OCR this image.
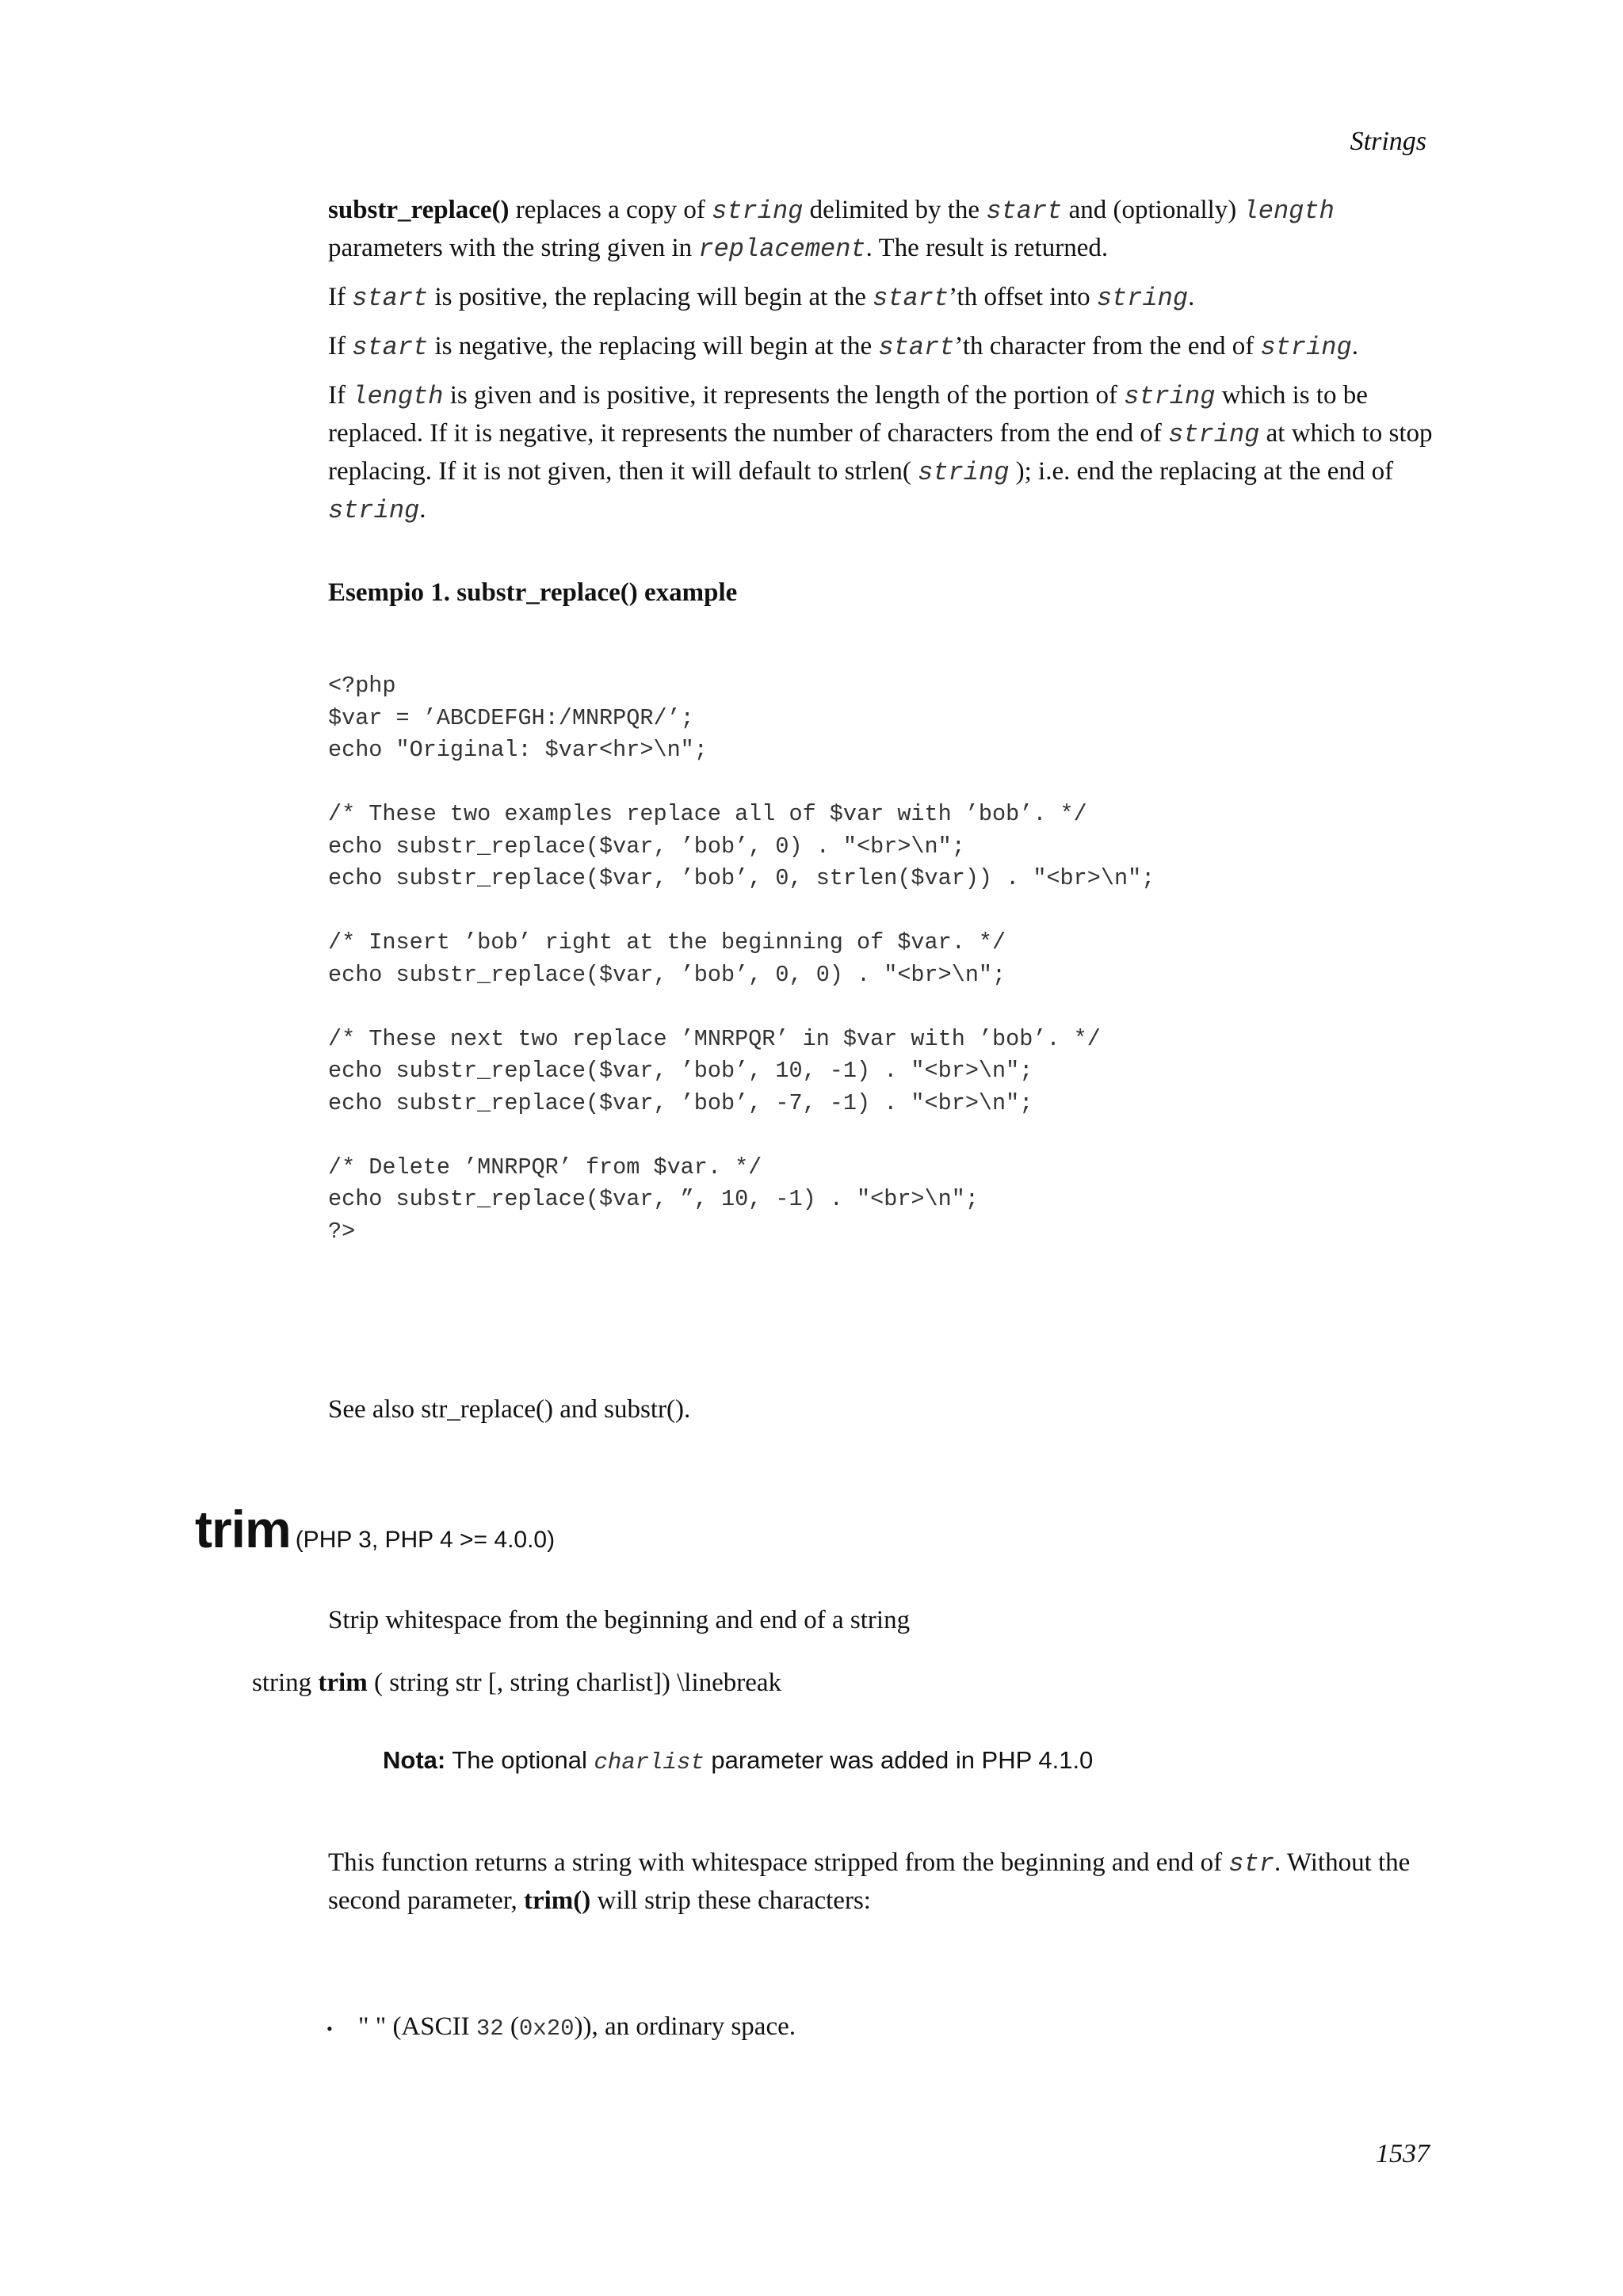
Strings

substr_replace() replaces a copy of string delimited by the start and (optionally) length parameters with the string given in replacement. The result is returned.

If start is positive, the replacing will begin at the start’th offset into string.

If start is negative, the replacing will begin at the start’th character from the end of string.

If length is given and is positive, it represents the length of the portion of string which is to be replaced. If it is negative, it represents the number of characters from the end of string at which to stop replacing. If it is not given, then it will default to strlen( string ); i.e. end the replacing at the end of string.

Esempio 1. substr_replace() example
<?php
$var = ’ABCDEFGH:/MNRPQR/’;
echo "Original: $var<hr>\n";

/* These two examples replace all of $var with ’bob’. */
echo substr_replace($var, ’bob’, 0) . "<br>\n";
echo substr_replace($var, ’bob’, 0, strlen($var)) . "<br>\n";

/* Insert ’bob’ right at the beginning of $var. */
echo substr_replace($var, ’bob’, 0, 0) . "<br>\n";

/* These next two replace ’MNRPQR’ in $var with ’bob’. */
echo substr_replace($var, ’bob’, 10, -1) . "<br>\n";
echo substr_replace($var, ’bob’, -7, -1) . "<br>\n";

/* Delete ’MNRPQR’ from $var. */
echo substr_replace($var, ”, 10, -1) . "<br>\n";
?>
See also str_replace() and substr().
trim (PHP 3, PHP 4 >= 4.0.0)
Strip whitespace from the beginning and end of a string
string trim ( string str [, string charlist]) \linebreak
Nota: The optional charlist parameter was added in PHP 4.1.0

This function returns a string with whitespace stripped from the beginning and end of str. Without the second parameter, trim() will strip these characters:

• " " (ASCII 32 (0x20)), an ordinary space.
1537
